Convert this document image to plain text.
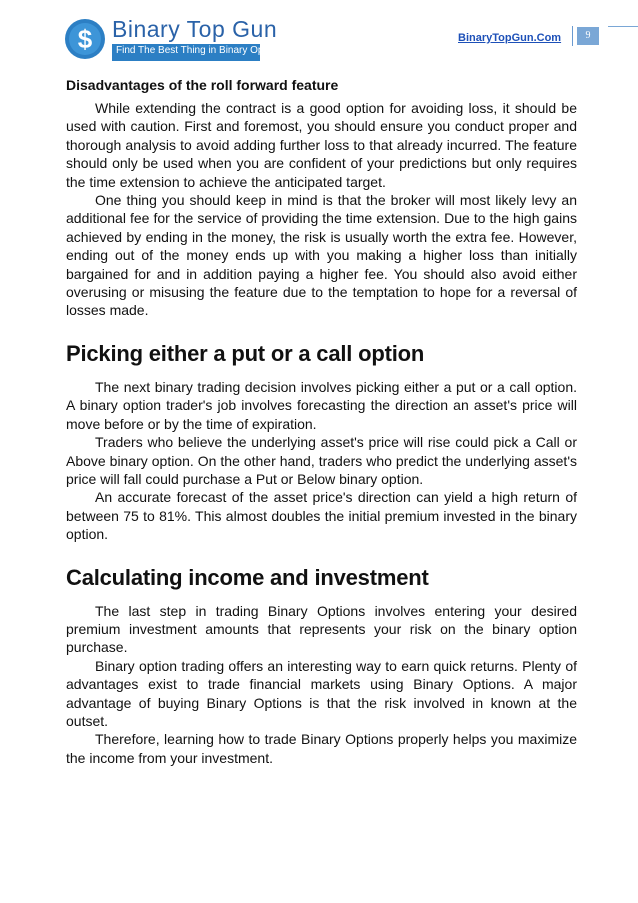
$ Binary Top Gun
Find The Best Thing in Binary Options
BinaryTopGun.Com	9
Disadvantages of the roll forward feature

While extending the contract is a good option for avoiding loss, it should be used with caution. First and foremost, you should ensure you conduct proper and thorough analysis to avoid adding further loss to that already incurred. The feature should only be used when you are confident of your predictions but only requires the time extension to achieve the anticipated target.

One thing you should keep in mind is that the broker will most likely levy an additional fee for the service of providing the time extension. Due to the high gains achieved by ending in the money, the risk is usually worth the extra fee. However, ending out of the money ends up with you making a higher loss than initially bargained for and in addition paying a higher fee. You should also avoid either overusing or misusing the feature due to the temptation to hope for a reversal of losses made.

Picking either a put or a call option

The next binary trading decision involves picking either a put or a call option. A binary option trader's job involves forecasting the direction an asset's price will move before or by the time of expiration.

Traders who believe the underlying asset's price will rise could pick a Call or Above binary option. On the other hand, traders who predict the underlying asset's price will fall could purchase a Put or Below binary option.

An accurate forecast of the asset price's direction can yield a high return of between 75 to 81%. This almost doubles the initial premium invested in the binary option.

Calculating income and investment

The last step in trading Binary Options involves entering your desired premium investment amounts that represents your risk on the binary option purchase.

Binary option trading offers an interesting way to earn quick returns. Plenty of advantages exist to trade financial markets using Binary Options. A major advantage of buying Binary Options is that the risk involved in known at the outset.

Therefore, learning how to trade Binary Options properly helps you maximize the income from your investment.
